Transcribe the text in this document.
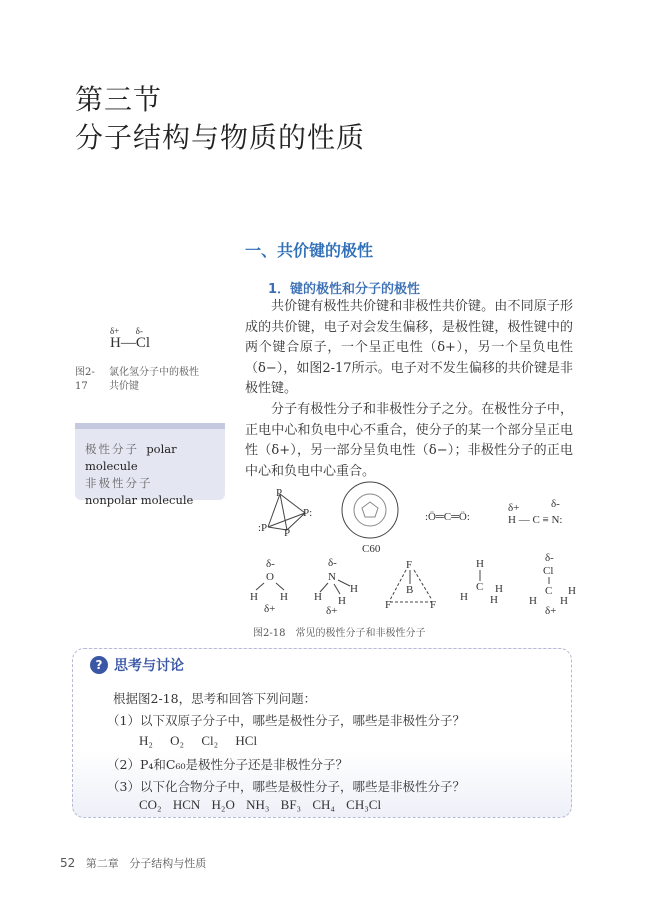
第三节
分子结构与物质的性质
一、共价键的极性
1．键的极性和分子的极性

共价键有极性共价键和非极性共价键。由不同原子形成的共价键，电子对会发生偏移，是极性键，极性键中的两个键合原子，一个呈正电性（δ+），另一个呈负电性（δ−），如图2-17所示。电子对不发生偏移的共价键是非极性键。

分子有极性分子和非极性分子之分。在极性分子中，正电中心和负电中心不重合，使分子的某一个部分呈正电性（δ+），另一部分呈负电性（δ−）；非极性分子的正电中心和负电中心重合。

δ+ δ-
H—Cl
图2-17
氯化氢分子中的极性共价键
极性分子 polar molecule
非极性分子
nonpolar molecule	P
P:
:P P
C60
:Ö═C═Ö:
δ+	δ-
H — C ≡ N:
δ-
O
H H
δ+
δ-
N
H
H
H
δ+
F
B
F	F
H
C
H
H
H
δ-
Cl
C
H
H
H
δ+
图2-18 常见的极性分子和非极性分子
? 思考与讨论
根据图2-18，思考和回答下列问题：
（1）以下双原子分子中，哪些是极性分子，哪些是非极性分子？
H₂ O₂ Cl₂ HCl
（2）P₄和C₆₀是极性分子还是非极性分子？
（3）以下化合物分子中，哪些是极性分子，哪些是非极性分子？
CO₂ HCN H₂O NH₃ BF₃ CH₄ CH₃Cl
52 第二章 分子结构与性质
